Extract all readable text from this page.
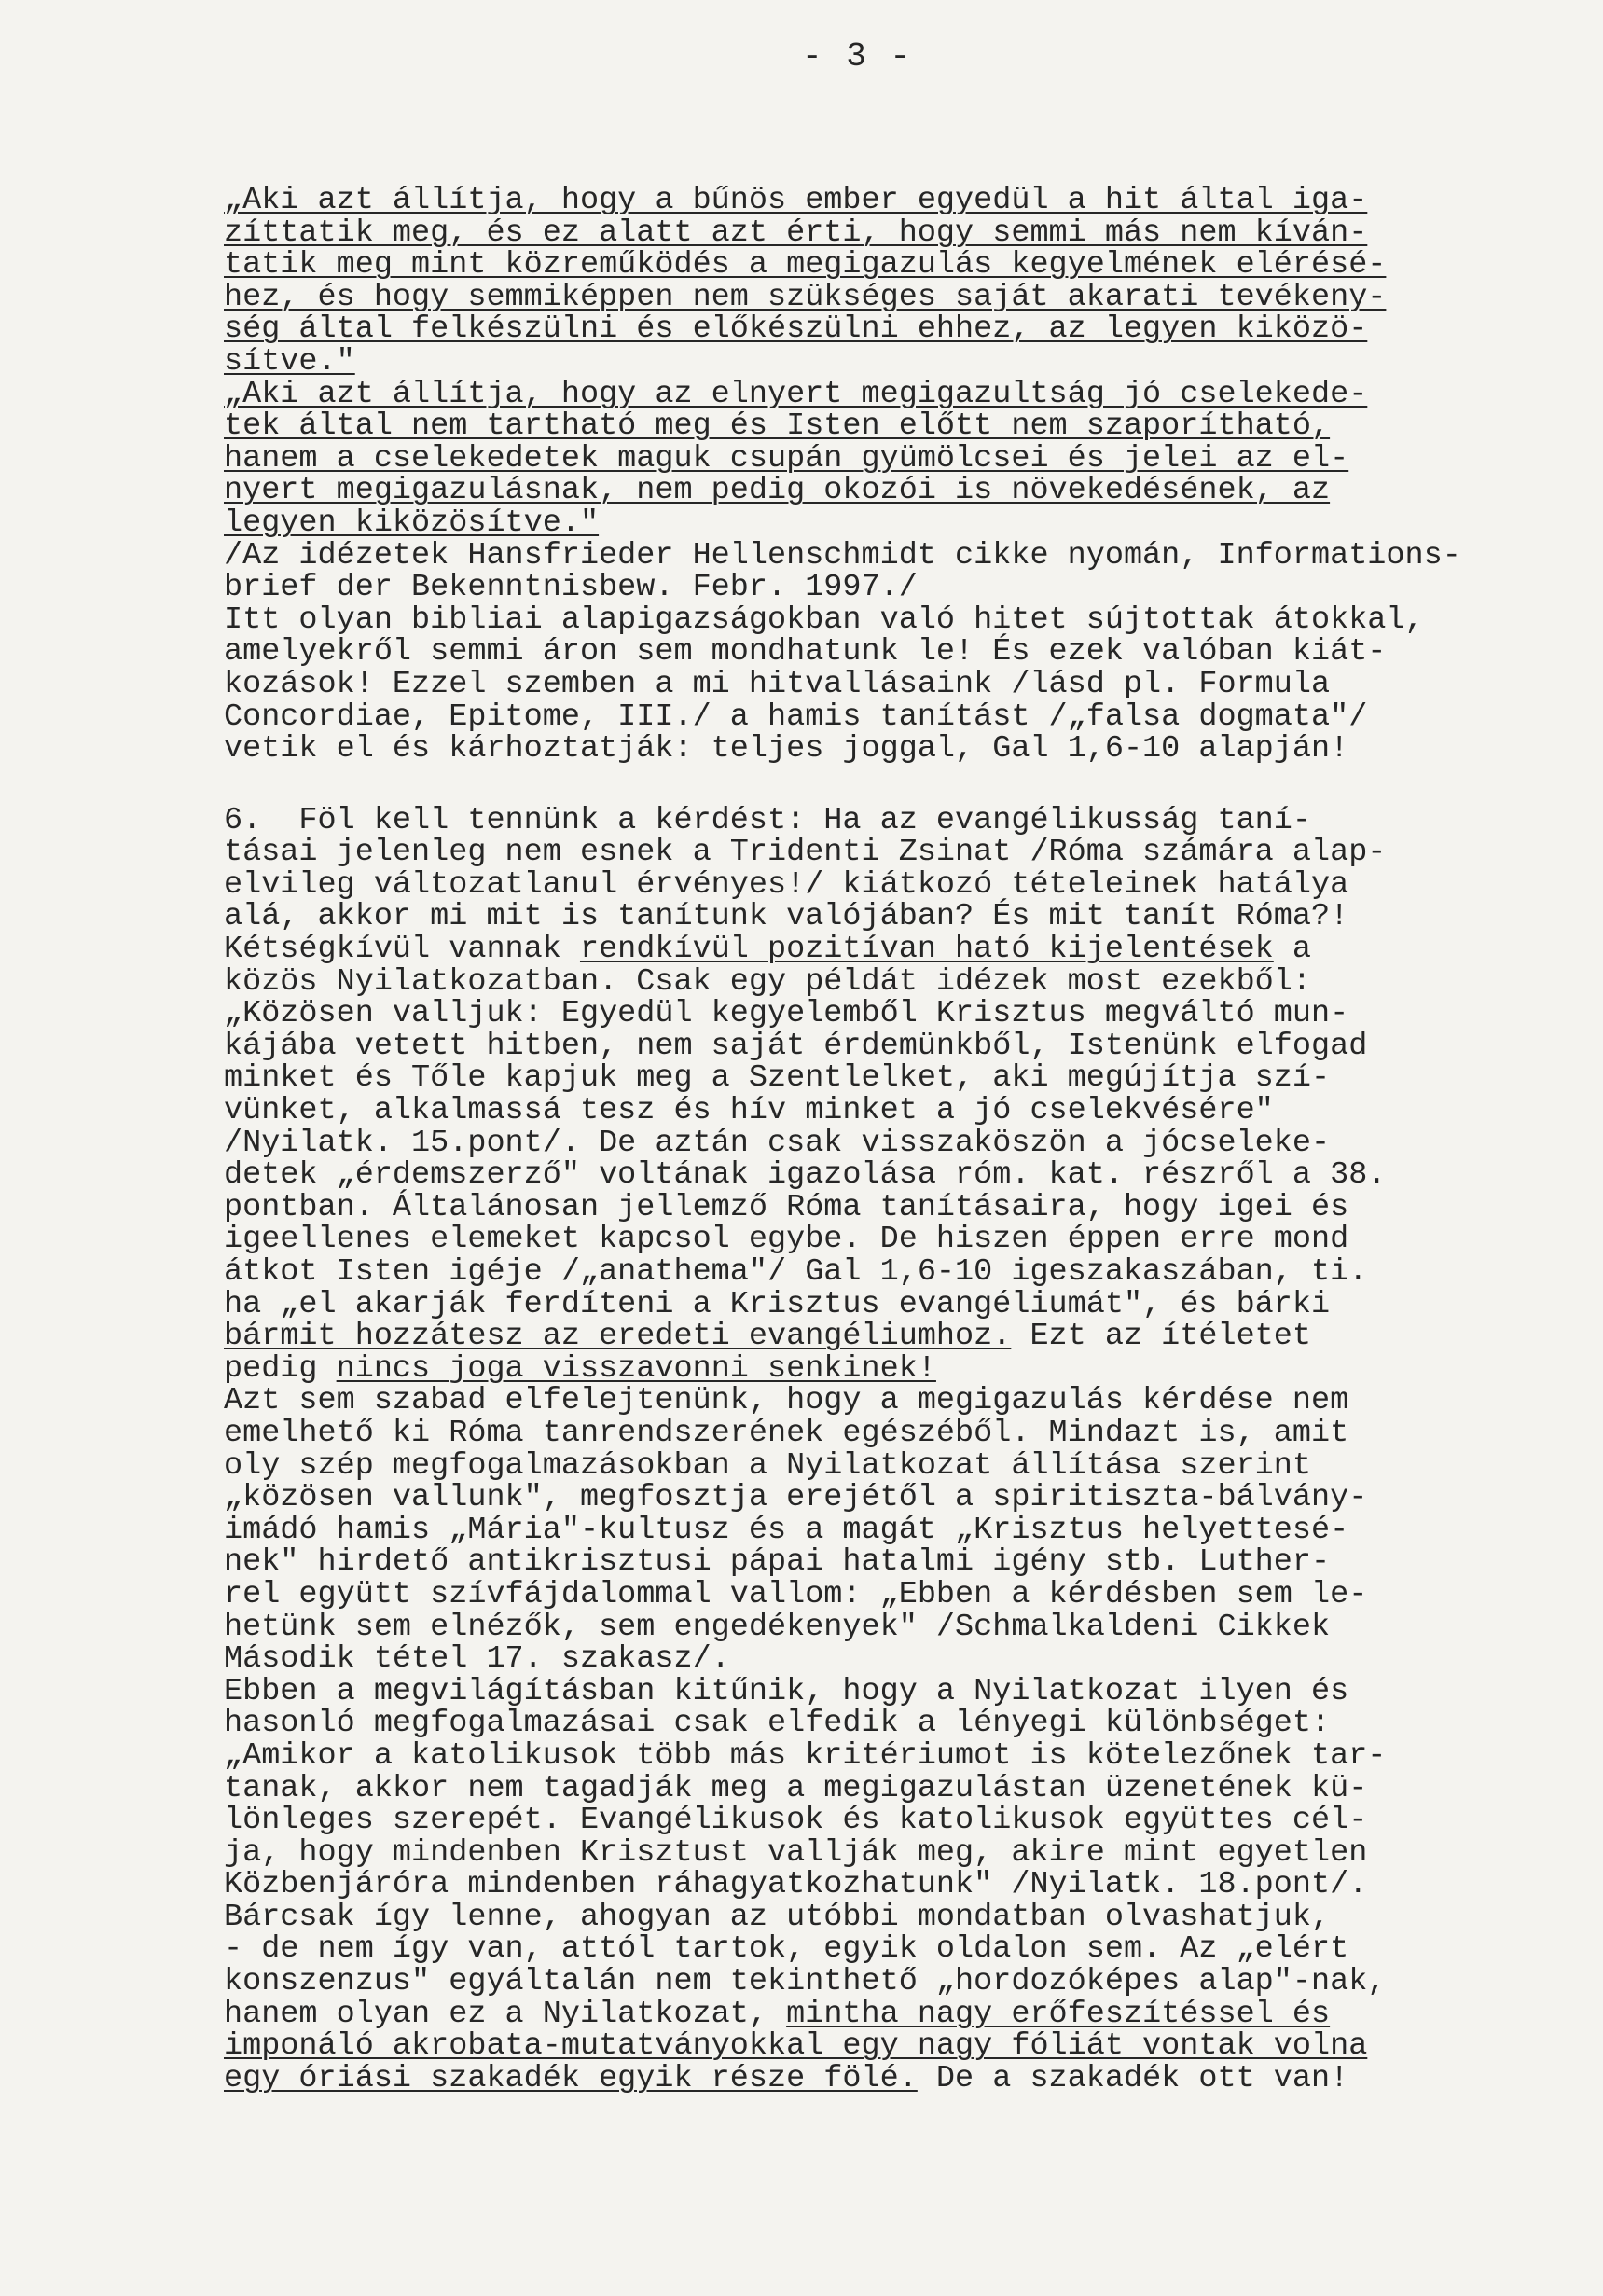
- 3 -
„Aki azt állítja, hogy a bűnös ember egyedül a hit által iga-
zíttatik meg, és ez alatt azt érti, hogy semmi más nem kíván-
tatik meg mint közreműködés a megigazulás kegyelmének elérésé-
hez, és hogy semmiképpen nem szükséges saját akarati tevékeny-
ség által felkészülni és előkészülni ehhez, az legyen kiközö-
sítve."
„Aki azt állítja, hogy az elnyert megigazultság jó cselekede-
tek által nem tartható meg és Isten előtt nem szaporítható,
hanem a cselekedetek maguk csupán gyümölcsei és jelei az el-
nyert megigazulásnak, nem pedig okozói is növekedésének, az
legyen kiközösítve."
/Az idézetek Hansfrieder Hellenschmidt cikke nyomán, Informations-
brief der Bekenntnisbew. Febr. 1997./
Itt olyan bibliai alapigazságokban való hitet sújtottak átokkal,
amelyekről semmi áron sem mondhatunk le! És ezek valóban kiát-
kozások! Ezzel szemben a mi hitvallásaink /lásd pl. Formula
Concordiae, Epitome, III./ a hamis tanítást /„falsa dogmata"/
vetik el és kárhoztatják: teljes joggal, Gal 1,6-10 alapján!
6.  Föl kell tennünk a kérdést: Ha az evangélikusság taní-
tásai jelenleg nem esnek a Tridenti Zsinat /Róma számára alap-
elvileg változatlanul érvényes!/ kiátkozó tételeinek hatálya
alá, akkor mi mit is tanítunk valójában? És mit tanít Róma?!
Kétségkívül vannak rendkívül pozitívan ható kijelentések a
közös Nyilatkozatban. Csak egy példát idézek most ezekből:
„Közösen valljuk: Egyedül kegyelemből Krisztus megváltó mun-
kájába vetett hitben, nem saját érdemünkből, Istenünk elfogad
minket és Tőle kapjuk meg a Szentlelket, aki megújítja szí-
vünket, alkalmassá tesz és hív minket a jó cselekvésére"
/Nyilatk. 15.pont/. De aztán csak visszaköszön a jócseleke-
detek „érdemszerző" voltának igazolása róm. kat. részről a 38.
pontban. Általánosan jellemző Róma tanításaira, hogy igei és
igeellenes elemeket kapcsol egybe. De hiszen éppen erre mond
átkot Isten igéje /„anathema"/ Gal 1,6-10 igeszakaszában, ti.
ha „el akarják ferdíteni a Krisztus evangéliumát", és bárki
bármit hozzátesz az eredeti evangéliumhoz. Ezt az ítéletet
pedig nincs joga visszavonni senkinek!
Azt sem szabad elfelejtenünk, hogy a megigazulás kérdése nem
emelhető ki Róma tanrendszerének egészéből. Mindazt is, amit
oly szép megfogalmazásokban a Nyilatkozat állítása szerint
„közösen vallunk", megfosztja erejétől a spiritiszta-bálvány-
imádó hamis „Mária"-kultusz és a magát „Krisztus helyettesé-
nek" hirdető antikrisztusi pápai hatalmi igény stb. Luther-
rel együtt szívfájdalommal vallom: „Ebben a kérdésben sem le-
hetünk sem elnézők, sem engedékenyek" /Schmalkaldeni Cikkek
Második tétel 17. szakasz/.
Ebben a megvilágításban kitűnik, hogy a Nyilatkozat ilyen és
hasonló megfogalmazásai csak elfedik a lényegi különbséget:
„Amikor a katolikusok több más kritériumot is kötelezőnek tar-
tanak, akkor nem tagadják meg a megigazulástan üzenetének kü-
lönleges szerepét. Evangélikusok és katolikusok együttes cél-
ja, hogy mindenben Krisztust vallják meg, akire mint egyetlen
Közbenjáróra mindenben ráhagyatkozhatunk" /Nyilatk. 18.pont/.
Bárcsak így lenne, ahogyan az utóbbi mondatban olvashatjuk,
- de nem így van, attól tartok, egyik oldalon sem. Az „elért
konszenzus" egyáltalán nem tekinthető „hordozóképes alap"-nak,
hanem olyan ez a Nyilatkozat, mintha nagy erőfeszítéssel és
imponáló akrobata-mutatványokkal egy nagy fóliát vontak volna
egy óriási szakadék egyik része fölé. De a szakadék ott van!
